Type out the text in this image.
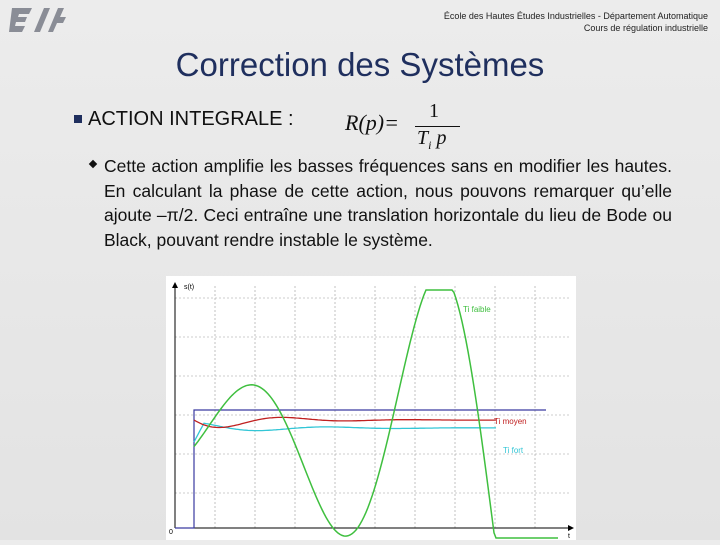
École des Hautes Études Industrielles - Département Automatique
Cours de régulation industrielle
Correction des Systèmes
ACTION INTEGRALE : R(p)= 1
$T_i$ p
Cette action amplifie les basses fréquences sans en modifier les hautes. En calculant la phase de cette action, nous pouvons remarquer qu’elle ajoute –π/2. Ceci entraîne une translation horizontale du lieu de Bode ou Black, pouvant rendre instable le système.
s(t)
t
0
Ti faible
Ti moyen
Ti fort
